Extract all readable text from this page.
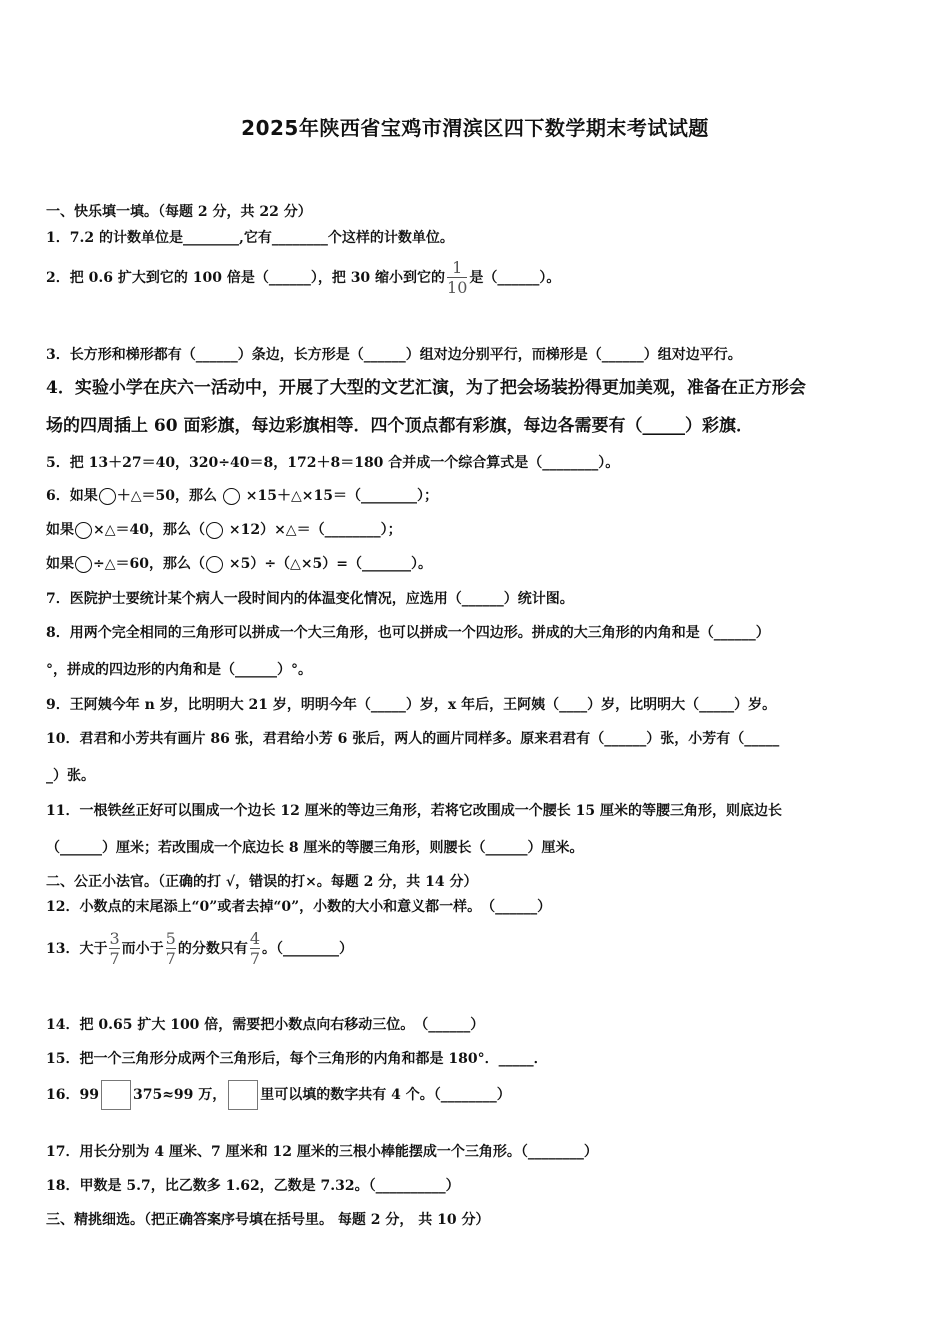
2025年陕西省宝鸡市渭滨区四下数学期末考试试题
一、快乐填一填。（每题 2 分，共 22 分）
1．7.2 的计数单位是________,它有________个这样的计数单位。
2．把 0.6 扩大到它的 100 倍是（______），把 30 缩小到它的 $\frac{1}{10}$ 是（______）。
3．长方形和梯形都有（______）条边，长方形是（______）组对边分别平行，而梯形是（______）组对边平行。
4．实验小学在庆六一活动中，开展了大型的文艺汇演，为了把会场装扮得更加美观，准备在正方形会
场的四周插上 60 面彩旗，每边彩旗相等．四个顶点都有彩旗，每边各需要有（_____）彩旗．
5．把 13＋27＝40，320÷40＝8，172＋8＝180 合并成一个综合算式是（________）。
6．如果 ＋△＝50，那么 ×15＋△×15＝（________）；
如果 ×△＝40，那么（ ×12）×△＝（________）；
如果 ÷△＝60，那么（ ×5）÷（△×5）=（_______）。
7．医院护士要统计某个病人一段时间内的体温变化情况，应选用（______）统计图。
8．用两个完全相同的三角形可以拼成一个大三角形，也可以拼成一个四边形。拼成的大三角形的内角和是（______）
°，拼成的四边形的内角和是（______）°。
9．王阿姨今年 n 岁，比明明大 21 岁，明明今年（_____）岁，x 年后，王阿姨（____）岁，比明明大（_____）岁。
10．君君和小芳共有画片 86 张，君君给小芳 6 张后，两人的画片同样多。原来君君有（______）张，小芳有（_____
_）张。
11．一根铁丝正好可以围成一个边长 12 厘米的等边三角形，若将它改围成一个腰长 15 厘米的等腰三角形，则底边长
（______）厘米；若改围成一个底边长 8 厘米的等腰三角形，则腰长（______）厘米。
二、公正小法官。（正确的打 √，错误的打×。每题 2 分，共 14 分）
12．小数点的末尾添上“0”或者去掉“0”，小数的大小和意义都一样。　（______）
13．大于 $\frac{3}{7}$ 而小于 $\frac{5}{7}$ 的分数只有 $\frac{4}{7}$ 。（________）
14．把 0.65 扩大 100 倍，需要把小数点向右移动三位。　（______）
15．把一个三角形分成两个三角形后，每个三角形的内角和都是 180°．_____．
16．99 375≈99 万， 里可以填的数字共有 4 个。（________）
17．用长分别为 4 厘米、7 厘米和 12 厘米的三根小棒能摆成一个三角形。（________）
18．甲数是 5.7，比乙数多 1.62，乙数是 7.32。（__________）
三、精挑细选。（把正确答案序号填在括号里。 每题 2 分， 共 10 分）
